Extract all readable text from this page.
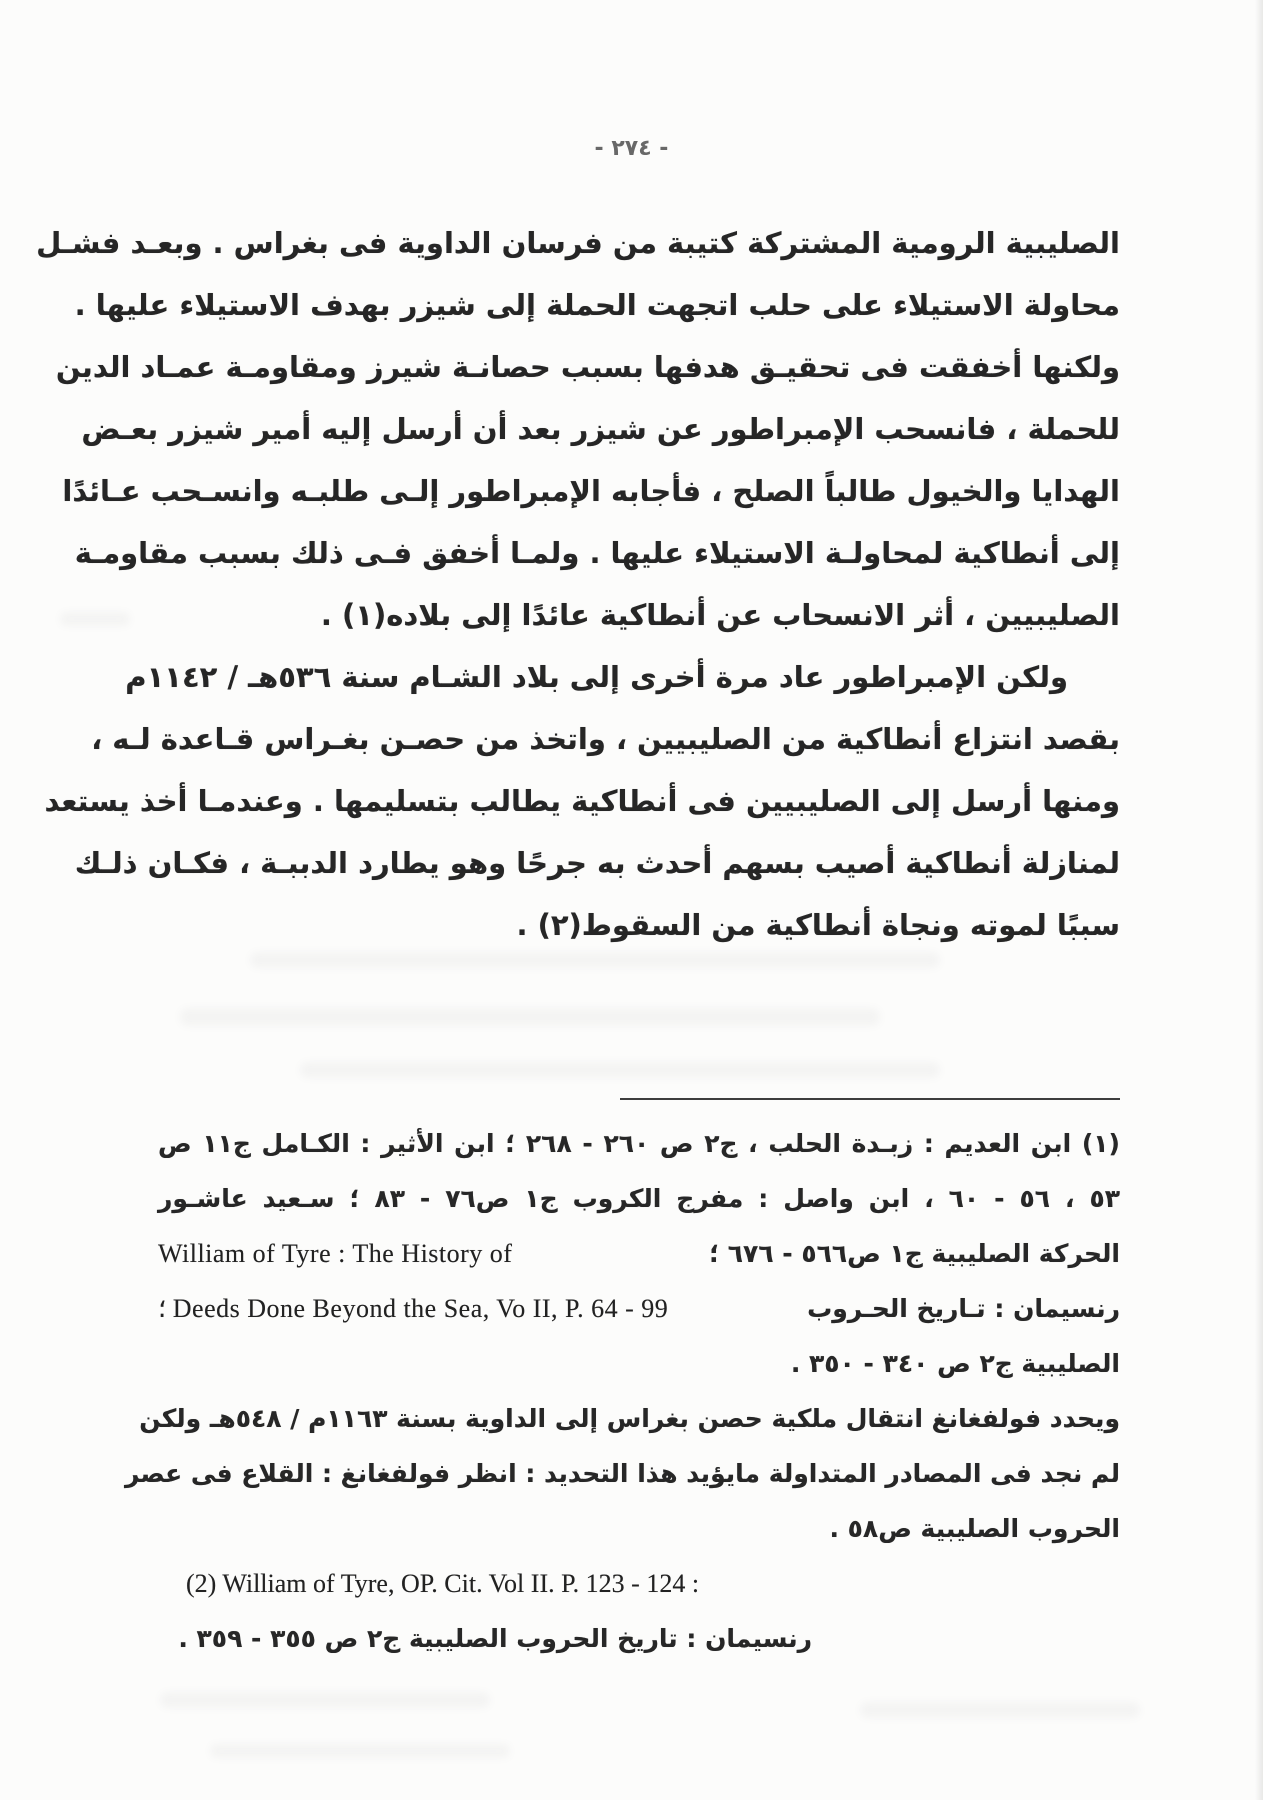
- ٢٧٤ -
الصليبية الرومية المشتركة كتيبة من فرسان الداوية فى بغراس . وبعـد فشـل
محاولة الاستيلاء على حلب اتجهت الحملة إلى شيزر بهدف الاستيلاء عليها .
ولكنها أخفقت فى تحقيـق هدفها بسبب حصانـة شيرز ومقاومـة عمـاد الدين
للحملة ، فانسحب الإمبراطور عن شيزر بعد أن أرسل إليه أمير شيزر بعـض
الهدايا والخيول طالباً الصلح ، فأجابه الإمبراطور إلـى طلبـه وانسـحب عـائدًا
إلى أنطاكية لمحاولـة الاستيلاء عليها . ولمـا أخفق فـى ذلك بسبب مقاومـة
الصليبيين ، أثر الانسحاب عن أنطاكية عائدًا إلى بلاده(١) .
ولكن الإمبراطور عاد مرة أخرى إلى بلاد الشـام سنة ٥٣٦هـ / ١١٤٢م
بقصد انتزاع أنطاكية من الصليبيين ، واتخذ من حصـن بغـراس قـاعدة لـه ،
ومنها أرسل إلى الصليبيين فى أنطاكية يطالب بتسليمها . وعندمـا أخذ يستعد
لمنازلة أنطاكية أصيب بسهم أحدث به جرحًا وهو يطارد الدببـة ، فكـان ذلـك
سببًا لموته ونجاة أنطاكية من السقوط(٢) .
(١) ابن العديم : زبـدة الحلب ، ج٢ ص ٢٦٠ - ٢٦٨ ؛ ابن الأثير : الكـامل ج١١ ص
٥٣ ، ٥٦ - ٦٠ ، ابن واصل : مفرج الكروب ج١ ص٧٦ - ٨٣ ؛ سـعيد عاشـور
William of Tyre : The History of	الحركة الصليبية ج١ ص٥٦٦ - ٦٧٦ ؛
؛ Deeds Done Beyond the Sea, Vo II, P. 64 - 99	رنسيمان : تـاريخ الحـروب
الصليبية ج٢ ص ٣٤٠ - ٣٥٠ .
ويحدد فولفغانغ انتقال ملكية حصن بغراس إلى الداوية بسنة ١١٦٣م / ٥٤٨هـ ولكن
لم نجد فى المصادر المتداولة مايؤيد هذا التحديد : انظر فولفغانغ : القلاع فى عصر
الحروب الصليبية ص٥٨ .
(2) William of Tyre, OP. Cit. Vol II. P. 123 - 124 :
رنسيمان : تاريخ الحروب الصليبية ج٢ ص ٣٥٥ - ٣٥٩ .
